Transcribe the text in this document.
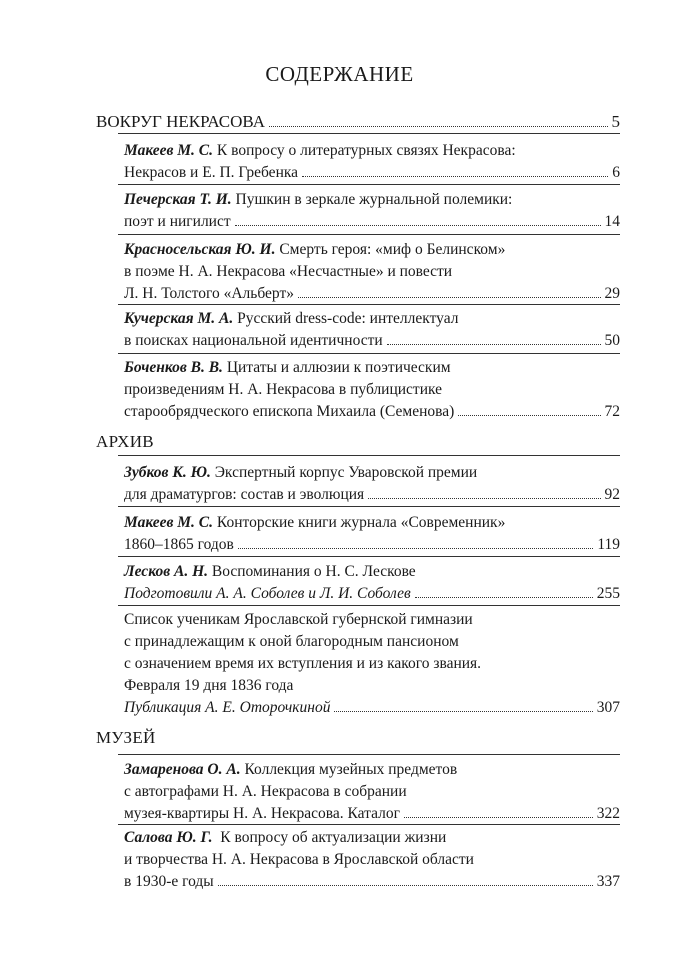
СОДЕРЖАНИЕ
ВОКРУГ НЕКРАСОВА	5
Макеев М. С. К вопросу о литературных связях Некрасова:
Некрасов и Е. П. Гребенка	6
Печерская Т. И. Пушкин в зеркале журнальной полемики:
поэт и нигилист	14
Красносельская Ю. И. Смерть героя: «миф о Белинском»
в поэме Н. А. Некрасова «Несчастные» и повести
Л. Н. Толстого «Альберт»	29
Кучерская М. А. Русский dress-code: интеллектуал
в поисках национальной идентичности	50
Боченков В. В. Цитаты и аллюзии к поэтическим
произведениям Н. А. Некрасова в публицистике
старообрядческого епископа Михаила (Семенова)	72
АРХИВ
Зубков К. Ю. Экспертный корпус Уваровской премии
для драматургов: состав и эволюция	92
Макеев М. С. Конторские книги журнала «Современник»
1860–1865 годов	119
Лесков А. Н. Воспоминания о Н. С. Лескове
Подготовили А. А. Соболев и Л. И. Соболев	255
Список ученикам Ярославской губернской гимназии
с принадлежащим к оной благородным пансионом
с означением время их вступления и из какого звания.
Февраля 19 дня 1836 года
Публикация А. Е. Оторочкиной	307
МУЗЕЙ
Замаренова О. А. Коллекция музейных предметов
с автографами Н. А. Некрасова в собрании
музея-квартиры Н. А. Некрасова. Каталог	322
Салова Ю. Г. К вопросу об актуализации жизни
и творчества Н. А. Некрасова в Ярославской области
в 1930-е годы	337
